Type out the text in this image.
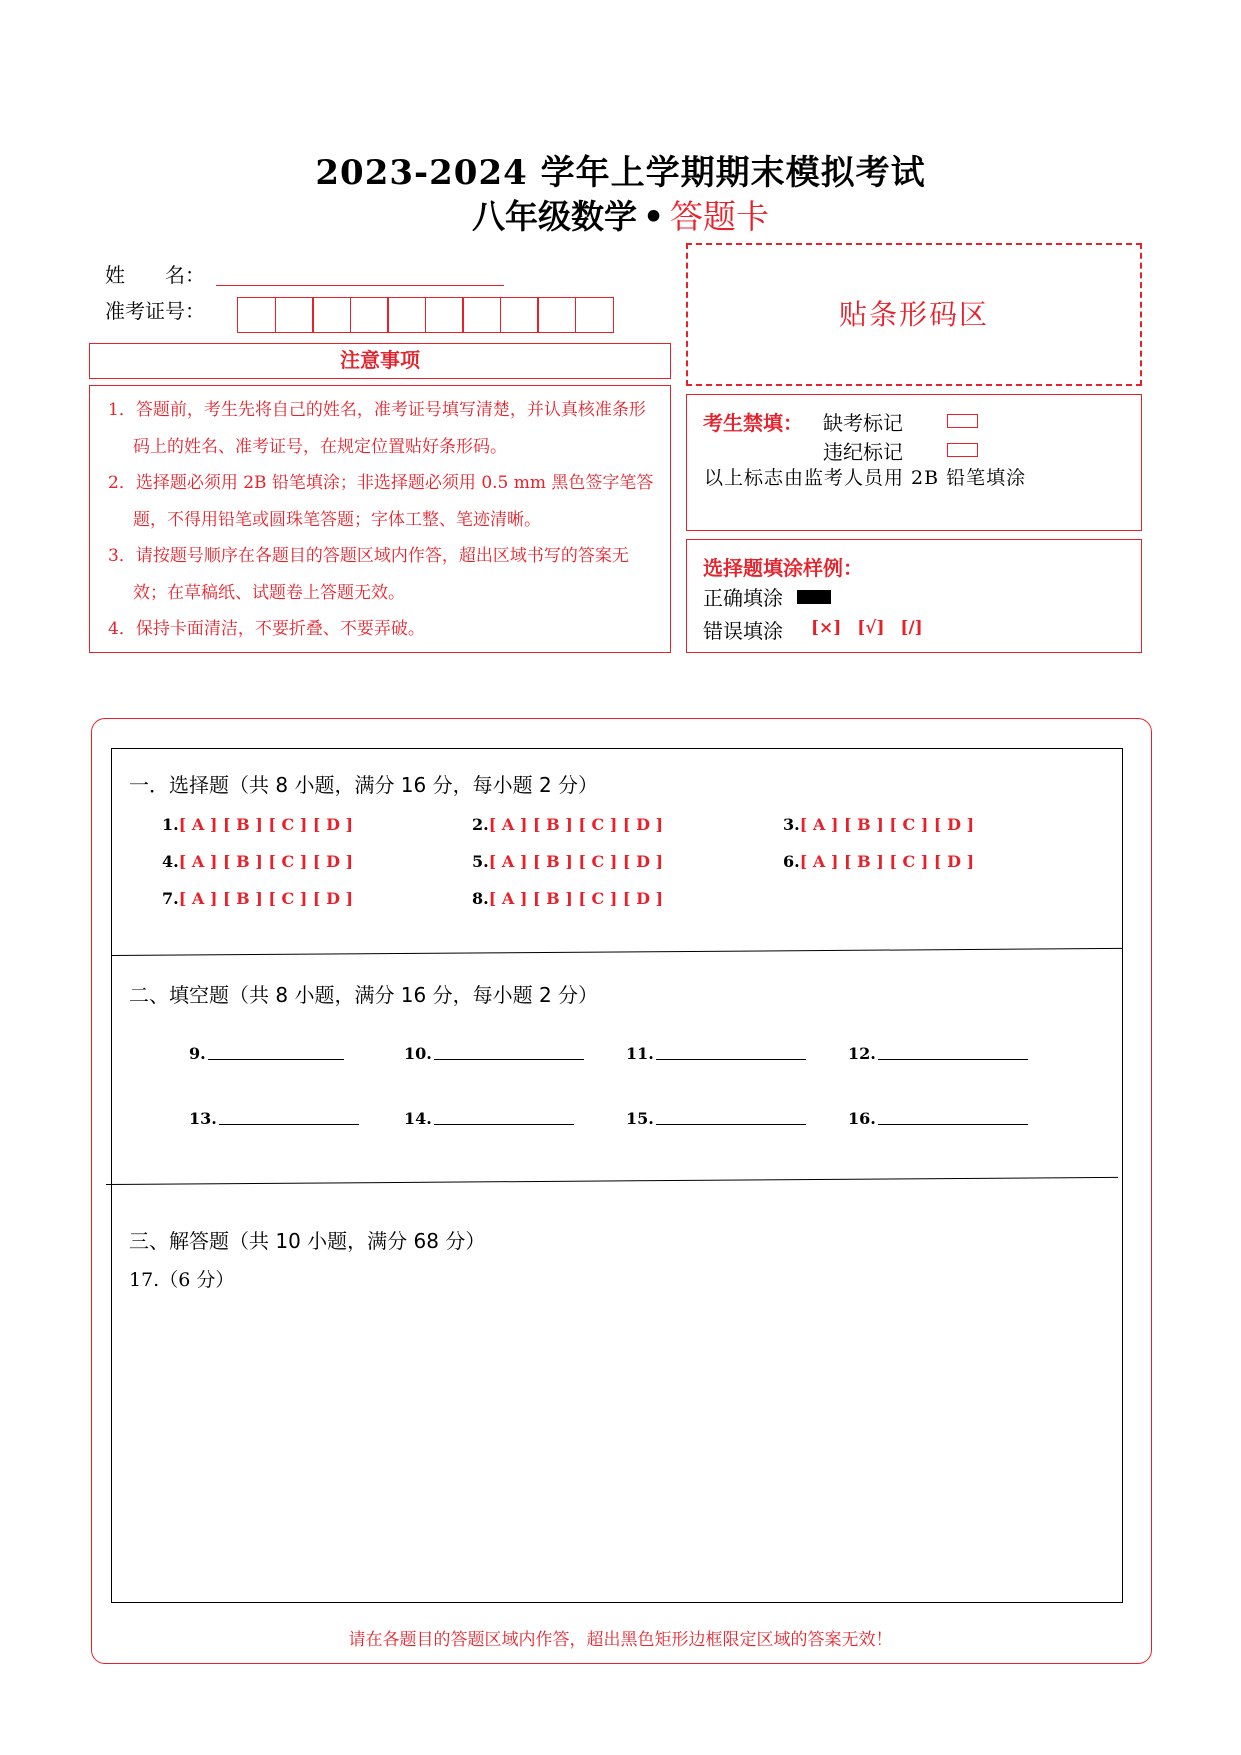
2023-2024 学年上学期期末模拟考试
八年级数学 • 答题卡
姓　　名：
准考证号：
注意事项

1．答题前，考生先将自己的姓名，准考证号填写清楚，并认真核准条形码上的姓名、准考证号，在规定位置贴好条形码。

2．选择题必须用 2B 铅笔填涂；非选择题必须用 0.5 mm 黑色签字笔答题，不得用铅笔或圆珠笔答题；字体工整、笔迹清晰。

3．请按题号顺序在各题目的答题区域内作答，超出区域书写的答案无效；在草稿纸、试题卷上答题无效。

4．保持卡面清洁，不要折叠、不要弄破。

贴条形码区
考生禁填： 缺考标记
违纪标记
以上标志由监考人员用 2B 铅笔填涂
选择题填涂样例：
正确填涂
错误填涂 [×] [√] [/]
一．选择题（共 8 小题，满分 16 分，每小题 2 分）
1.[ A ] [ B ] [ C ] [ D ]	2.[ A ] [ B ] [ C ] [ D ]	3.[ A ] [ B ] [ C ] [ D ]
4.[ A ] [ B ] [ C ] [ D ]	5.[ A ] [ B ] [ C ] [ D ]	6.[ A ] [ B ] [ C ] [ D ]
7.[ A ] [ B ] [ C ] [ D ]	8.[ A ] [ B ] [ C ] [ D ]
二、填空题（共 8 小题，满分 16 分，每小题 2 分）
9.	10.	11.	12.
13.	14.	15.	16.
三、解答题（共 10 小题，满分 68 分）
17.（6 分）
请在各题目的答题区域内作答，超出黑色矩形边框限定区域的答案无效！
